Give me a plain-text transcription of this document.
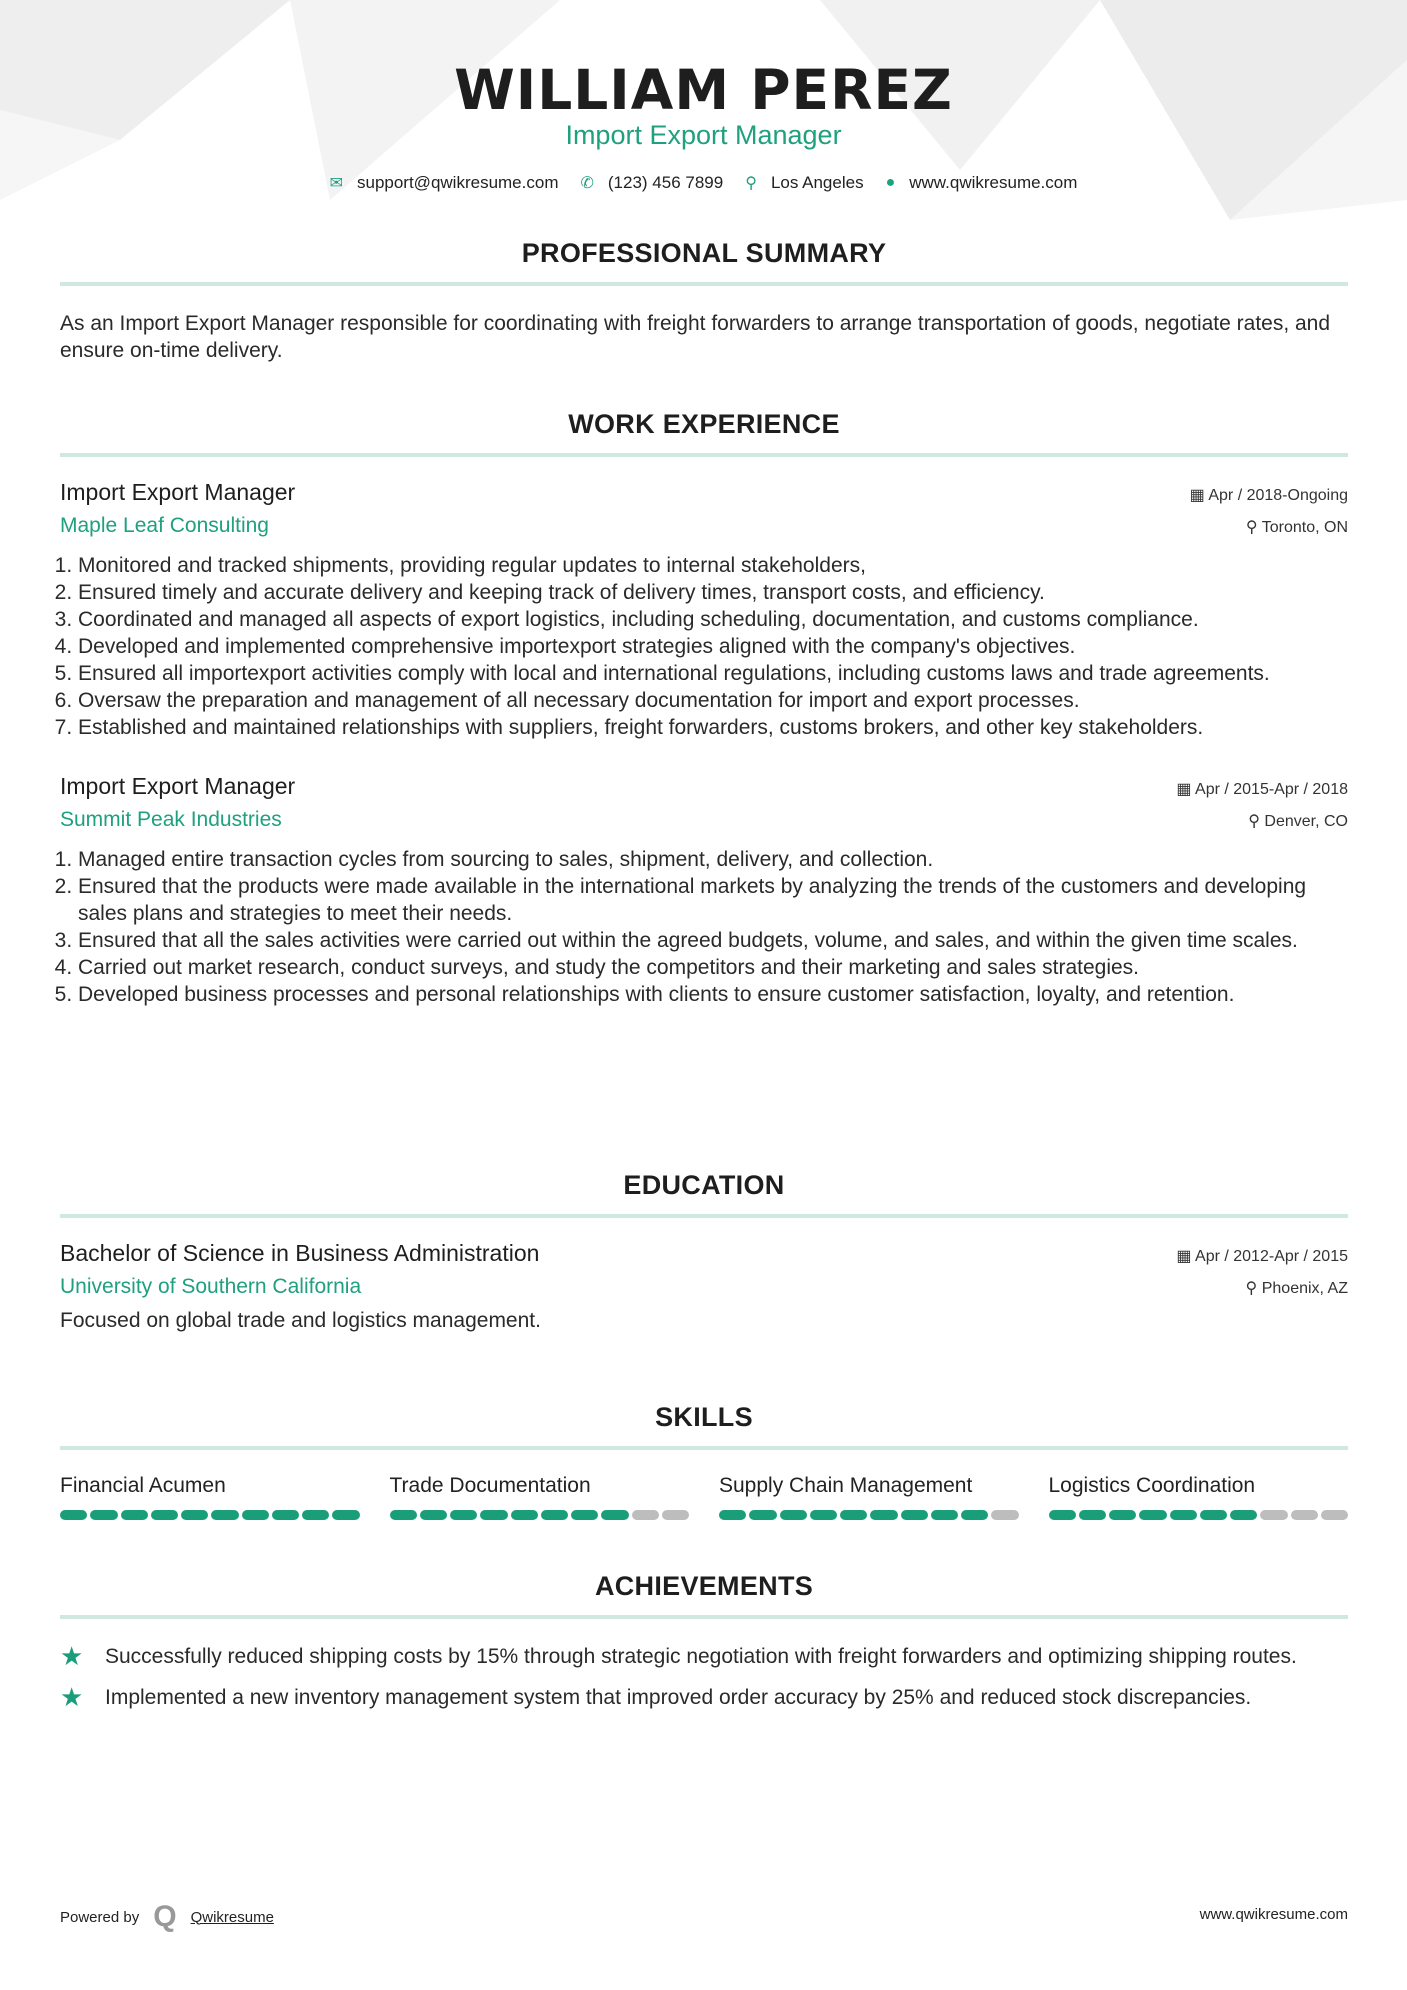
WILLIAM PEREZ
Import Export Manager
✉ support@qwikresume.com ✆ (123) 456 7899 ⚲ Los Angeles ● www.qwikresume.com
PROFESSIONAL SUMMARY
As an Import Export Manager responsible for coordinating with freight forwarders to arrange transportation of goods, negotiate rates, and ensure on-time delivery.
WORK EXPERIENCE
Import Export Manager	▦ Apr / 2018-Ongoing
Maple Leaf Consulting	⚲ Toronto, ON
1. Monitored and tracked shipments, providing regular updates to internal stakeholders,
2. Ensured timely and accurate delivery and keeping track of delivery times, transport costs, and efficiency.
3. Coordinated and managed all aspects of export logistics, including scheduling, documentation, and customs compliance.
4. Developed and implemented comprehensive importexport strategies aligned with the company's objectives.
5. Ensured all importexport activities comply with local and international regulations, including customs laws and trade agreements.
6. Oversaw the preparation and management of all necessary documentation for import and export processes.
7. Established and maintained relationships with suppliers, freight forwarders, customs brokers, and other key stakeholders.
Import Export Manager	▦ Apr / 2015-Apr / 2018
Summit Peak Industries	⚲ Denver, CO
1. Managed entire transaction cycles from sourcing to sales, shipment, delivery, and collection.
2. Ensured that the products were made available in the international markets by analyzing the trends of the customers and developing sales plans and strategies to meet their needs.
3. Ensured that all the sales activities were carried out within the agreed budgets, volume, and sales, and within the given time scales.
4. Carried out market research, conduct surveys, and study the competitors and their marketing and sales strategies.
5. Developed business processes and personal relationships with clients to ensure customer satisfaction, loyalty, and retention.
EDUCATION
Bachelor of Science in Business Administration	▦ Apr / 2012-Apr / 2015
University of Southern California	⚲ Phoenix, AZ
Focused on global trade and logistics management.
SKILLS
Financial Acumen	Trade Documentation	Supply Chain Management	Logistics Coordination
ACHIEVEMENTS
★	Successfully reduced shipping costs by 15% through strategic negotiation with freight forwarders and optimizing shipping routes.
★	Implemented a new inventory management system that improved order accuracy by 25% and reduced stock discrepancies.
Powered by Q Qwikresume	www.qwikresume.com
